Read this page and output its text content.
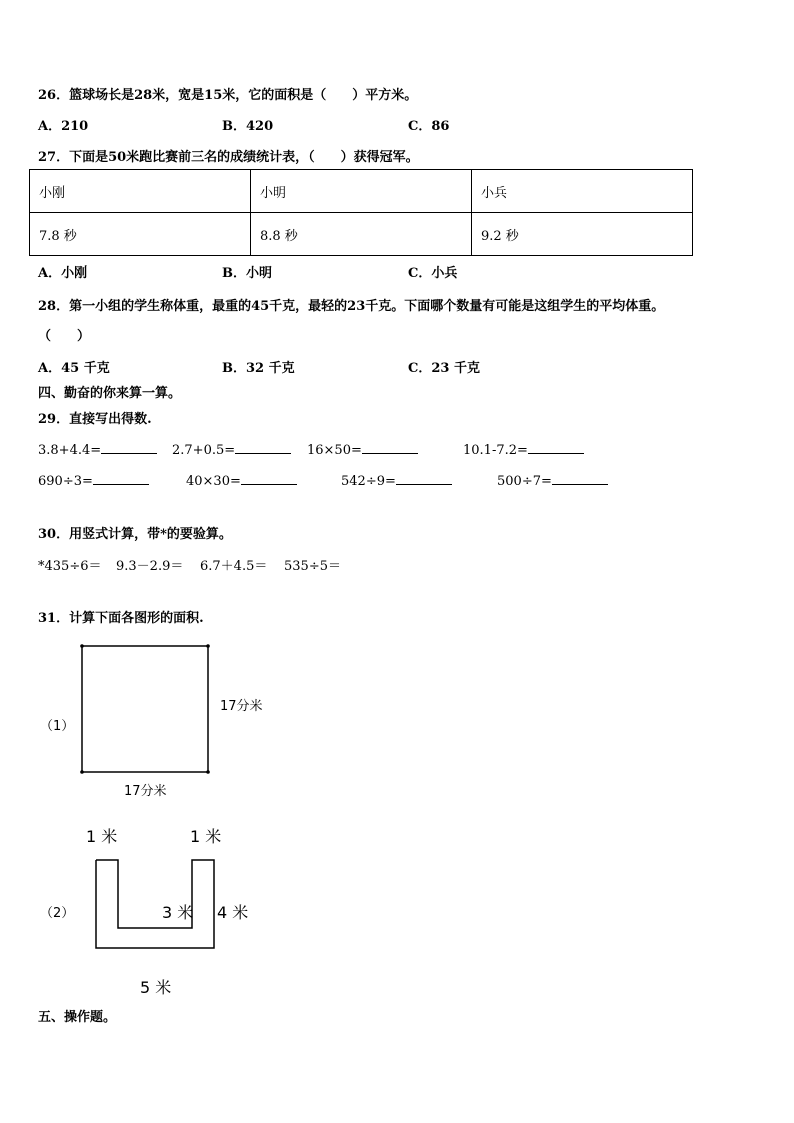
26．篮球场长是28米，宽是15米，它的面积是（　　）平方米。
A．210	B．420	C．86
27．下面是50米跑比赛前三名的成绩统计表，（　　）获得冠军。
小刚	小明	小兵
7.8 秒	8.8 秒	9.2 秒
A．小刚	B．小明	C．小兵
28．第一小组的学生称体重，最重的45千克，最轻的23千克。下面哪个数量有可能是这组学生的平均体重。
（　　）
A．45 千克	B．32 千克	C．23 千克
四、勤奋的你来算一算。
29．直接写出得数.
3.8+4.4=	2.7+0.5=	16×50=	10.1-7.2=
690÷3=	40×30=	542÷9=	500÷7=
30．用竖式计算，带*的要验算。
*435÷6＝ 9.3－2.9＝ 6.7＋4.5＝ 535÷5＝
31．计算下面各图形的面积.
（1）
17分米
17分米
（2）
1 米	1 米
3 米 4 米
5 米
五、操作题。
